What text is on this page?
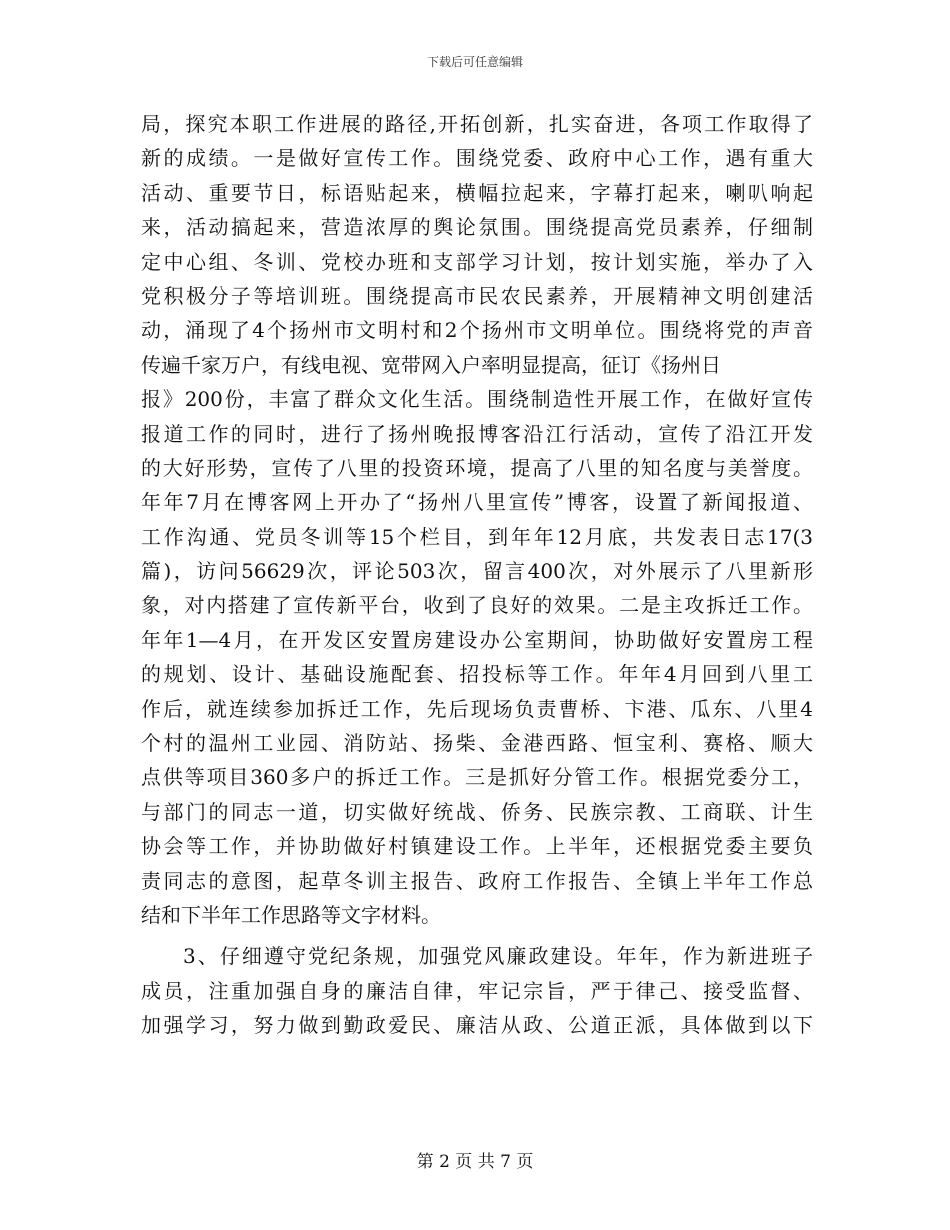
下载后可任意编辑
局，探究本职工作进展的路径,开拓创新，扎实奋进，各项工作取得了
新的成绩。一是做好宣传工作。围绕党委、政府中心工作，遇有重大
活动、重要节日，标语贴起来，横幅拉起来，字幕打起来，喇叭响起
来，活动搞起来，营造浓厚的舆论氛围。围绕提高党员素养，仔细制
定中心组、冬训、党校办班和支部学习计划，按计划实施，举办了入
党积极分子等培训班。围绕提高市民农民素养，开展精神文明创建活
动，涌现了4个扬州市文明村和2个扬州市文明单位。围绕将党的声音
传遍千家万户，有线电视、宽带网入户率明显提高，征订《扬州日
报》200份，丰富了群众文化生活。围绕制造性开展工作，在做好宣传
报道工作的同时，进行了扬州晚报博客沿江行活动，宣传了沿江开发
的大好形势，宣传了八里的投资环境，提高了八里的知名度与美誉度。
年年7月在博客网上开办了“扬州八里宣传”博客，设置了新闻报道、
工作沟通、党员冬训等15个栏目，到年年12月底，共发表日志17(3
篇)，访问56629次，评论503次，留言400次，对外展示了八里新形
象，对内搭建了宣传新平台，收到了良好的效果。二是主攻拆迁工作。
年年1—4月，在开发区安置房建设办公室期间，协助做好安置房工程
的规划、设计、基础设施配套、招投标等工作。年年4月回到八里工
作后，就连续参加拆迁工作，先后现场负责曹桥、卞港、瓜东、八里4
个村的温州工业园、消防站、扬柴、金港西路、恒宝利、赛格、顺大
点供等项目360多户的拆迁工作。三是抓好分管工作。根据党委分工，
与部门的同志一道，切实做好统战、侨务、民族宗教、工商联、计生
协会等工作，并协助做好村镇建设工作。上半年，还根据党委主要负
责同志的意图，起草冬训主报告、政府工作报告、全镇上半年工作总
结和下半年工作思路等文字材料。
3、仔细遵守党纪条规，加强党风廉政建设。年年，作为新进班子
成员，注重加强自身的廉洁自律，牢记宗旨，严于律己、接受监督、
加强学习，努力做到勤政爱民、廉洁从政、公道正派，具体做到以下
第 2 页 共 7 页
